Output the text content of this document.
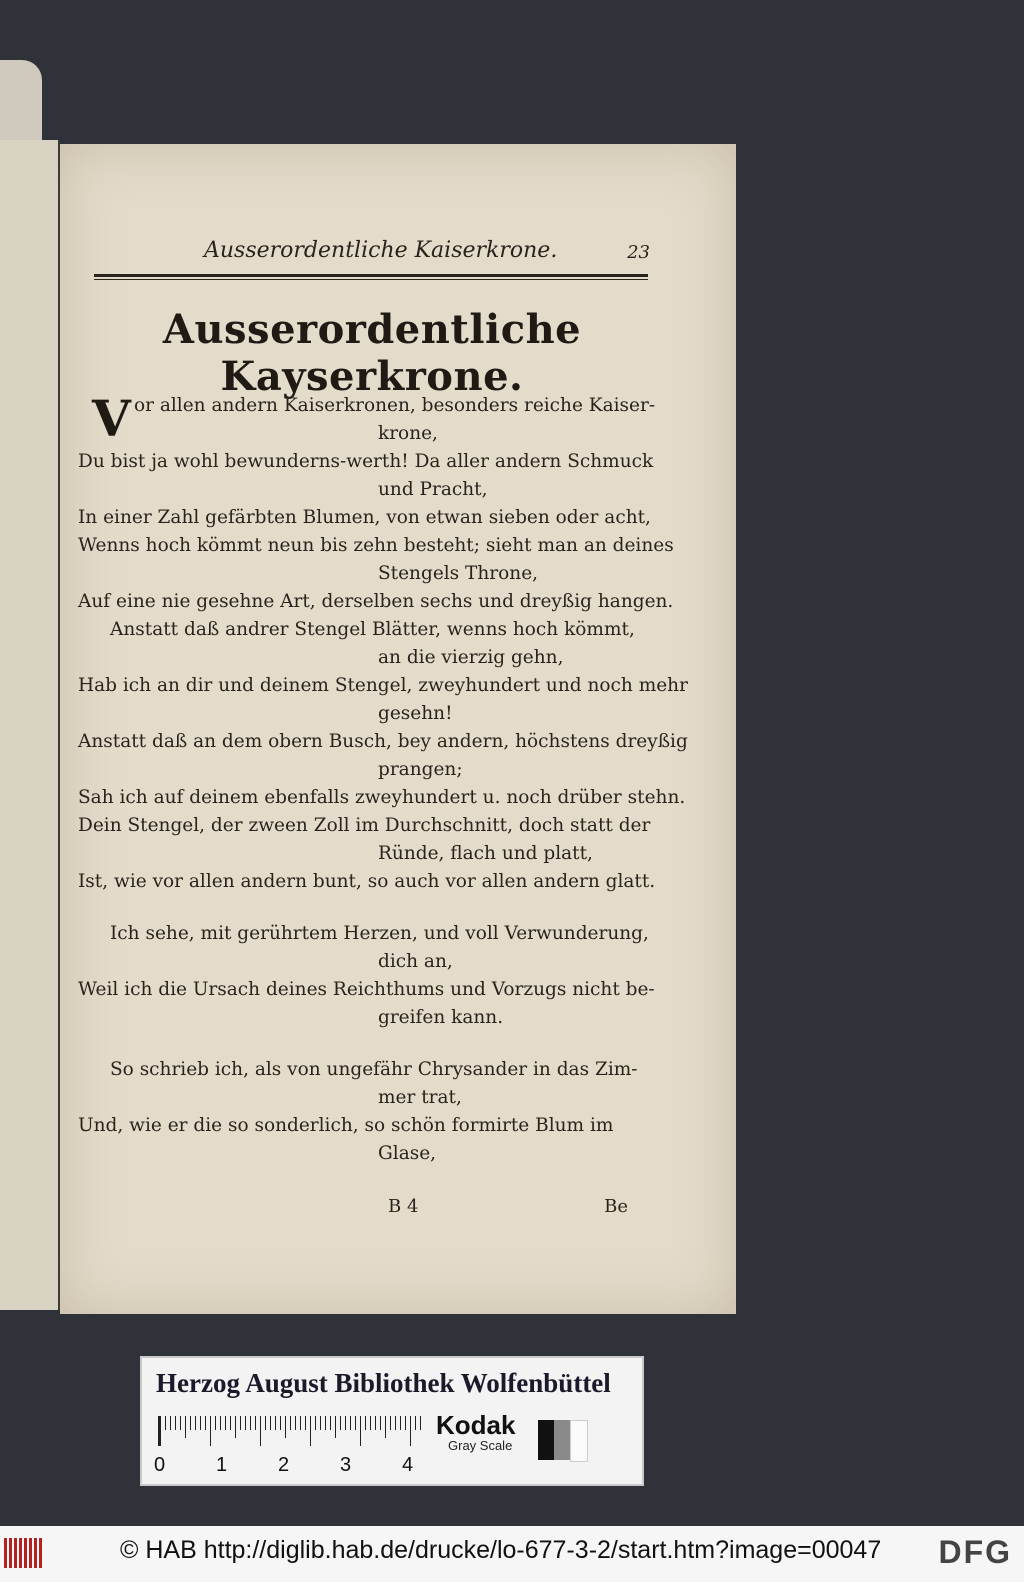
Ausserordentliche Kaiserkrone.	23
Ausserordentliche Kayserkrone.
V or allen andern Kaiserkronen, besonders reiche Kaiser-
krone,
Du bist ja wohl bewunderns-werth! Da aller andern Schmuck
und Pracht,
In einer Zahl gefärbten Blumen, von etwan sieben oder acht,
Wenns hoch kömmt neun bis zehn besteht; sieht man an deines
Stengels Throne,
Auf eine nie gesehne Art, derselben sechs und dreyßig hangen.
Anstatt daß andrer Stengel Blätter, wenns hoch kömmt,
an die vierzig gehn,
Hab ich an dir und deinem Stengel, zweyhundert und noch mehr
gesehn!
Anstatt daß an dem obern Busch, bey andern, höchstens dreyßig
prangen;
Sah ich auf deinem ebenfalls zweyhundert u. noch drüber stehn.
Dein Stengel, der zween Zoll im Durchschnitt, doch statt der
Ründe, flach und platt,
Ist, wie vor allen andern bunt, so auch vor allen andern glatt.
Ich sehe, mit gerührtem Herzen, und voll Verwunderung,
dich an,
Weil ich die Ursach deines Reichthums und Vorzugs nicht be-
greifen kann.
So schrieb ich, als von ungefähr Chrysander in das Zim-
mer trat,
Und, wie er die so sonderlich, so schön formirte Blum im
Glase,
B 4	Be
Herzog August Bibliothek Wolfenbüttel
0	1	2	3	4
Kodak
Gray Scale
© HAB http://diglib.hab.de/drucke/lo-677-3-2/start.htm?image=00047 DFG
